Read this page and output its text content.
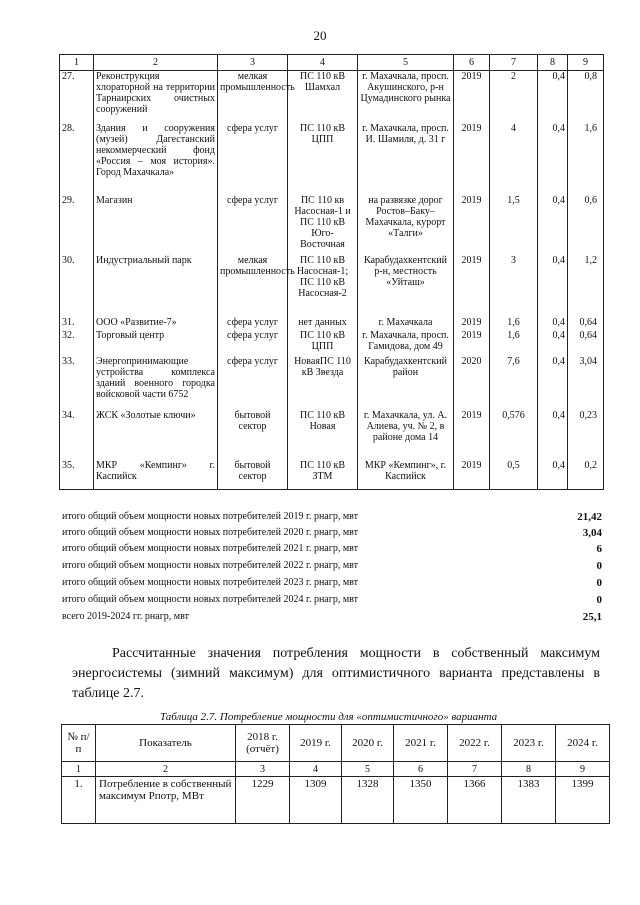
20
1	2	3	4	5	6	7	8	9
27.	Реконструкция хлораторной на территории Тарнаирских очистных сооружений	мелкая промышленность	ПС 110 кВ Шамхал	г. Махачкала, просп. Акушинского, р-н Цумадинского рынка	2019	2	0,4	0,8
28.	Здания и сооружения (музей) Дагестанский некоммерческий фонд «Россия – моя история». Город Махачкала»	сфера услуг	ПС 110 кВ ЦПП	г. Махачкала, просп. И. Шамиля, д. 31 г	2019	4	0,4	1,6
29.	Магазин	сфера услуг	ПС 110 кв Насосная-1 и ПС 110 кВ Юго-Восточная	на развязке дорог Ростов–Баку–Махачкала, курорт «Талги»	2019	1,5	0,4	0,6
30.	Индустриальный парк	мелкая промышленность	ПС 110 кВ Насосная-1; ПС 110 кВ Насосная-2	Карабудахкентский р-н, местность «Уйташ»	2019	3	0,4	1,2
31.	ООО «Развитие-7»	сфера услуг	нет данных	г. Махачкала	2019	1,6	0,4	0,64
32.	Торговый центр	сфера услуг	ПС 110 кВ ЦПП	г. Махачкала, просп. Гамидова, дом 49	2019	1,6	0,4	0,64
33.	Энергопринимающие устройства комплекса зданий военного городка войсковой части 6752	сфера услуг	НоваяПС 110 кВ Звезда	Карабудахкентский район	2020	7,6	0,4	3,04
34.	ЖСК «Золотые ключи»	бытовой сектор	ПС 110 кВ Новая	г. Махачкала, ул. А. Алиева, уч. № 2, в районе дома 14	2019	0,576	0,4	0,23
35.	МКР «Кемпинг» г. Каспийск	бытовой сектор	ПС 110 кВ ЗТМ	МКР «Кемпинг», г. Каспийск	2019	0,5	0,4	0,2
итого общий объем мощности новых потребителей 2019 г. рнагр, мвт	21,42
итого общий объем мощности новых потребителей 2020 г. рнагр, мвт	3,04
итого общий объем мощности новых потребителей 2021 г. рнагр, мвт	6
итого общий объем мощности новых потребителей 2022 г. рнагр, мвт	0
итого общий объем мощности новых потребителей 2023 г. рнагр, мвт	0
итого общий объем мощности новых потребителей 2024 г. рнагр, мвт	0
всего 2019-2024 гг. рнагр, мвт	25,1
Рассчитанные значения потребления мощности в собственный максимум энергосистемы (зимний максимум) для оптимистичного варианта представлены в таблице 2.7.
Таблица 2.7. Потребление мощности для «оптимистичного» варианта
№ п/п	Показатель	2018 г. (отчёт)	2019 г.	2020 г.	2021 г.	2022 г.	2023 г.	2024 г.
1	2	3	4	5	6	7	8	9
1.	Потребление в собственный максимум Рпотр, МВт	1229	1309	1328	1350	1366	1383	1399
